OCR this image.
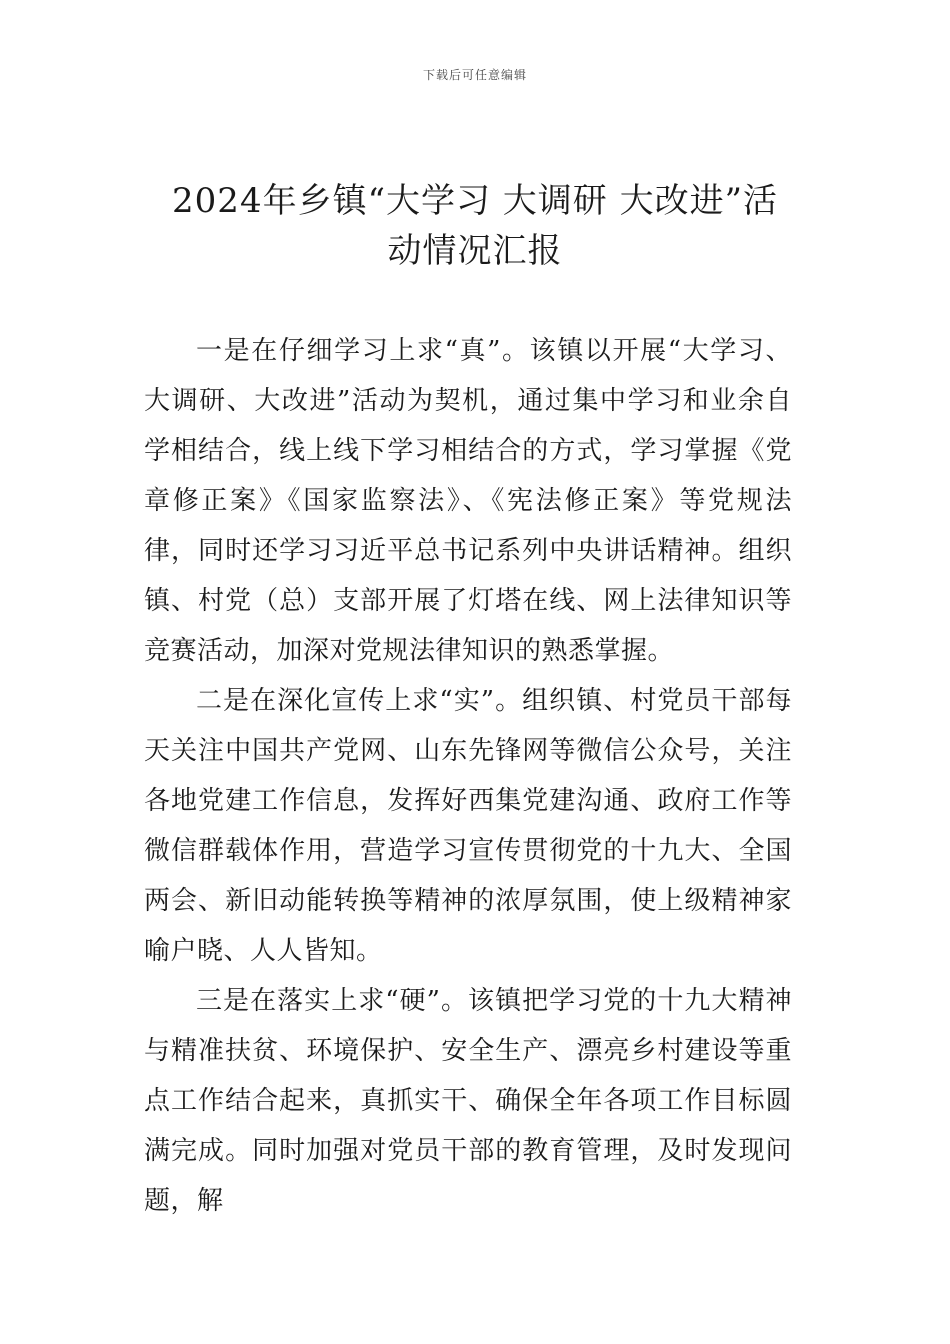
下载后可任意编辑
2024年乡镇“大学习 大调研 大改进”活
动情况汇报

一是在仔细学习上求“真”。该镇以开展“大学习、大调研、大改进”活动为契机，通过集中学习和业余自学相结合，线上线下学习相结合的方式，学习掌握《党章修正案》《国家监察法》、《宪法修正案》等党规法律，同时还学习习近平总书记系列中央讲话精神。组织镇、村党（总）支部开展了灯塔在线、网上法律知识等竞赛活动，加深对党规法律知识的熟悉掌握。

二是在深化宣传上求“实”。组织镇、村党员干部每天关注中国共产党网、山东先锋网等微信公众号，关注各地党建工作信息，发挥好西集党建沟通、政府工作等微信群载体作用，营造学习宣传贯彻党的十九大、全国两会、新旧动能转换等精神的浓厚氛围，使上级精神家喻户晓、人人皆知。

三是在落实上求“硬”。该镇把学习党的十九大精神与精准扶贫、环境保护、安全生产、漂亮乡村建设等重点工作结合起来，真抓实干、确保全年各项工作目标圆满完成。同时加强对党员干部的教育管理，及时发现问题，解
